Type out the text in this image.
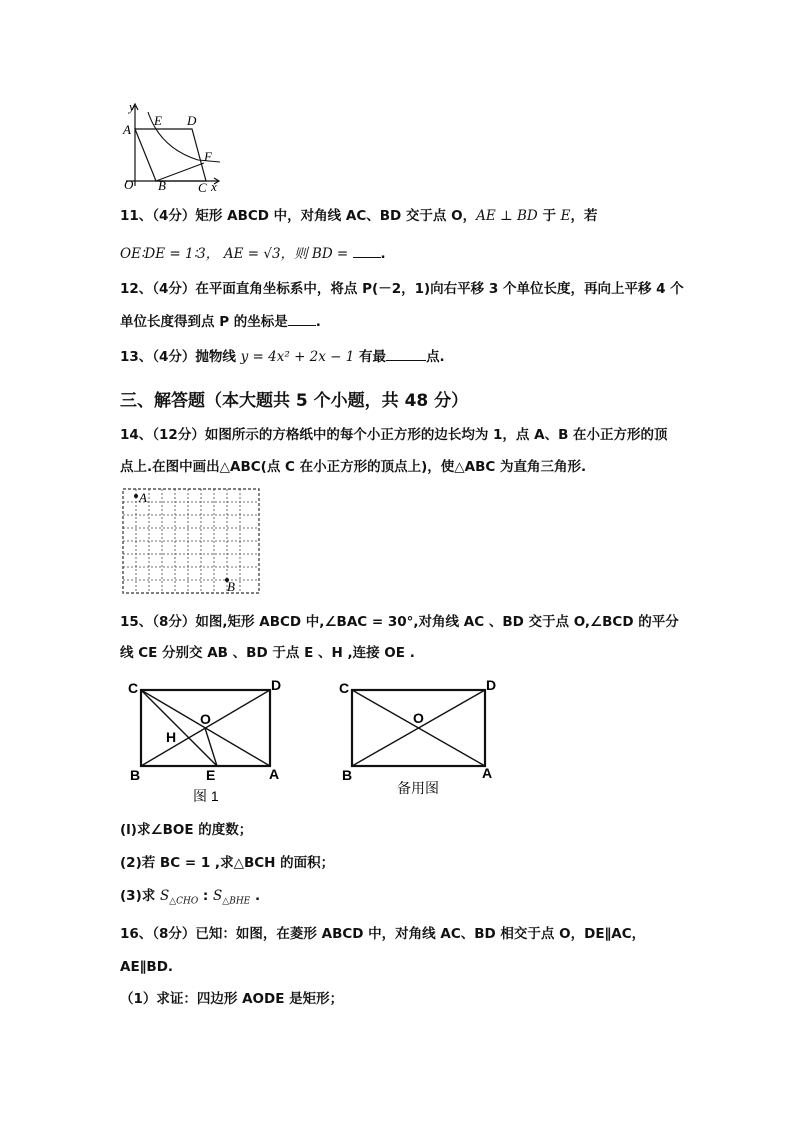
y
x
A
E D
F
O B C
11、（4分）矩形 ABCD 中，对角线 AC、BD 交于点 O，AE ⊥ BD 于 E，若
OE∶DE = 1∶3， AE = √3，则 BD = .
12、（4分）在平面直角坐标系中，将点 P(－2，1)向右平移 3 个单位长度，再向上平移 4 个
单位长度得到点 P 的坐标是 .
13、（4分）抛物线 y = 4x² + 2x − 1 有最	点.
三、解答题（本大题共 5 个小题，共 48 分）
14、（12分）如图所示的方格纸中的每个小正方形的边长均为 1，点 A、B 在小正方形的顶
点上.在图中画出△ABC(点 C 在小正方形的顶点上)，使△ABC 为直角三角形.
A
B
15、（8分）如图,矩形 ABCD 中,∠BAC = 30°,对角线 AC 、BD 交于点 O,∠BCD 的平分
线 CE 分别交 AB 、BD 于点 E 、H ,连接 OE .
C	D
O
H
B	E	A
图 1
C	D
O
B	A
备用图
(l)求∠BOE 的度数；
(2)若 BC = 1 ,求△BCH 的面积；
(3)求 $S_{\triangle CHO}$ : $S_{\triangle BHE}$ .
16、（8分）已知：如图，在菱形 ABCD 中，对角线 AC、BD 相交于点 O，DE∥AC，
AE∥BD.
（1）求证：四边形 AODE 是矩形；
